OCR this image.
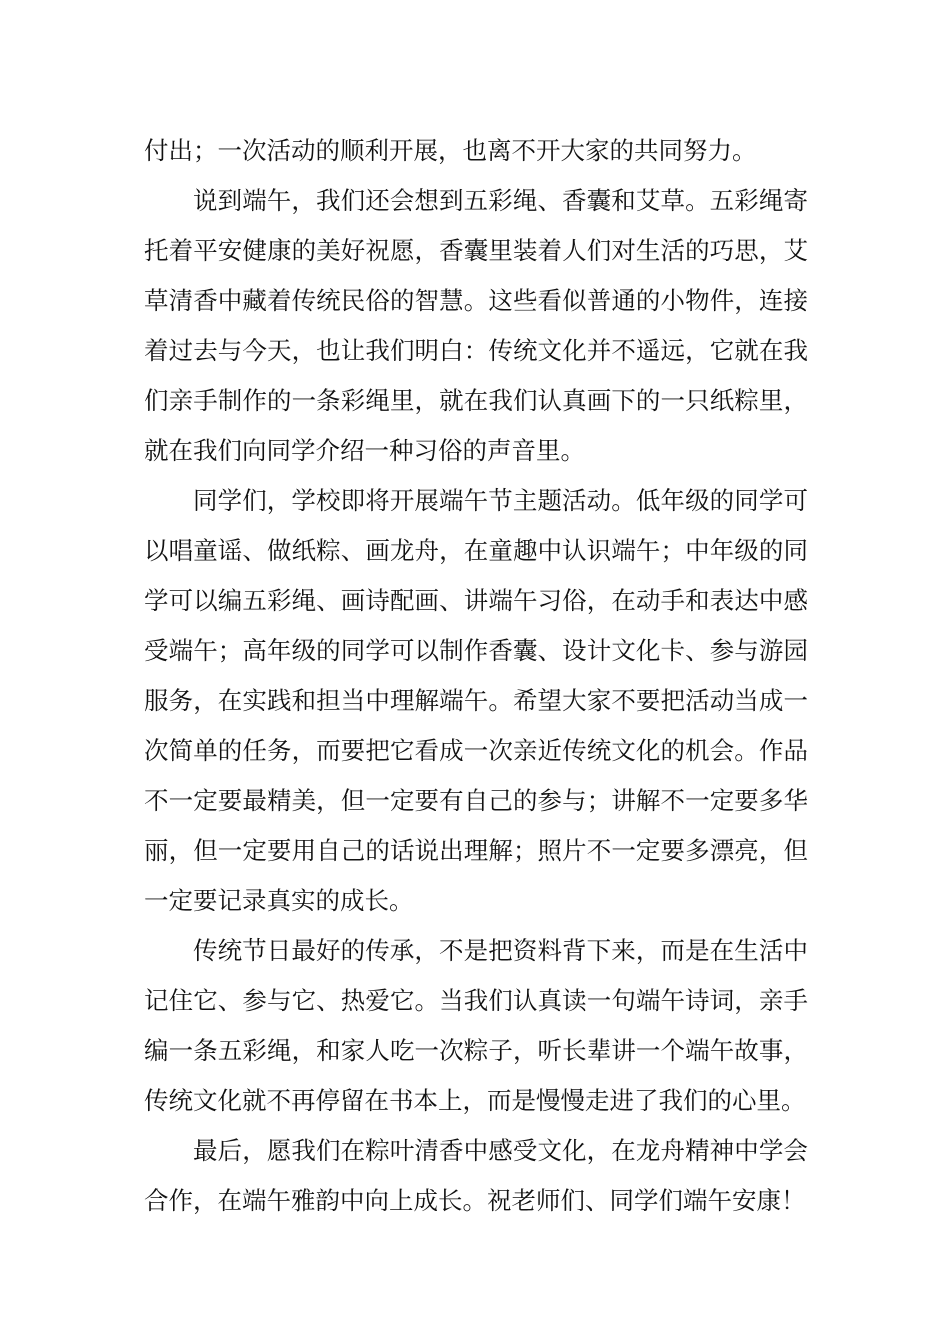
付出；一次活动的顺利开展，也离不开大家的共同努力。

说到端午，我们还会想到五彩绳、香囊和艾草。五彩绳寄托着平安健康的美好祝愿，香囊里装着人们对生活的巧思，艾草清香中藏着传统民俗的智慧。这些看似普通的小物件，连接着过去与今天，也让我们明白：传统文化并不遥远，它就在我们亲手制作的一条彩绳里，就在我们认真画下的一只纸粽里，就在我们向同学介绍一种习俗的声音里。

同学们，学校即将开展端午节主题活动。低年级的同学可以唱童谣、做纸粽、画龙舟，在童趣中认识端午；中年级的同学可以编五彩绳、画诗配画、讲端午习俗，在动手和表达中感受端午；高年级的同学可以制作香囊、设计文化卡、参与游园服务，在实践和担当中理解端午。希望大家不要把活动当成一次简单的任务，而要把它看成一次亲近传统文化的机会。作品不一定要最精美，但一定要有自己的参与；讲解不一定要多华丽，但一定要用自己的话说出理解；照片不一定要多漂亮，但一定要记录真实的成长。

传统节日最好的传承，不是把资料背下来，而是在生活中记住它、参与它、热爱它。当我们认真读一句端午诗词，亲手编一条五彩绳，和家人吃一次粽子，听长辈讲一个端午故事，传统文化就不再停留在书本上，而是慢慢走进了我们的心里。

最后，愿我们在粽叶清香中感受文化，在龙舟精神中学会合作，在端午雅韵中向上成长。祝老师们、同学们端午安康！
